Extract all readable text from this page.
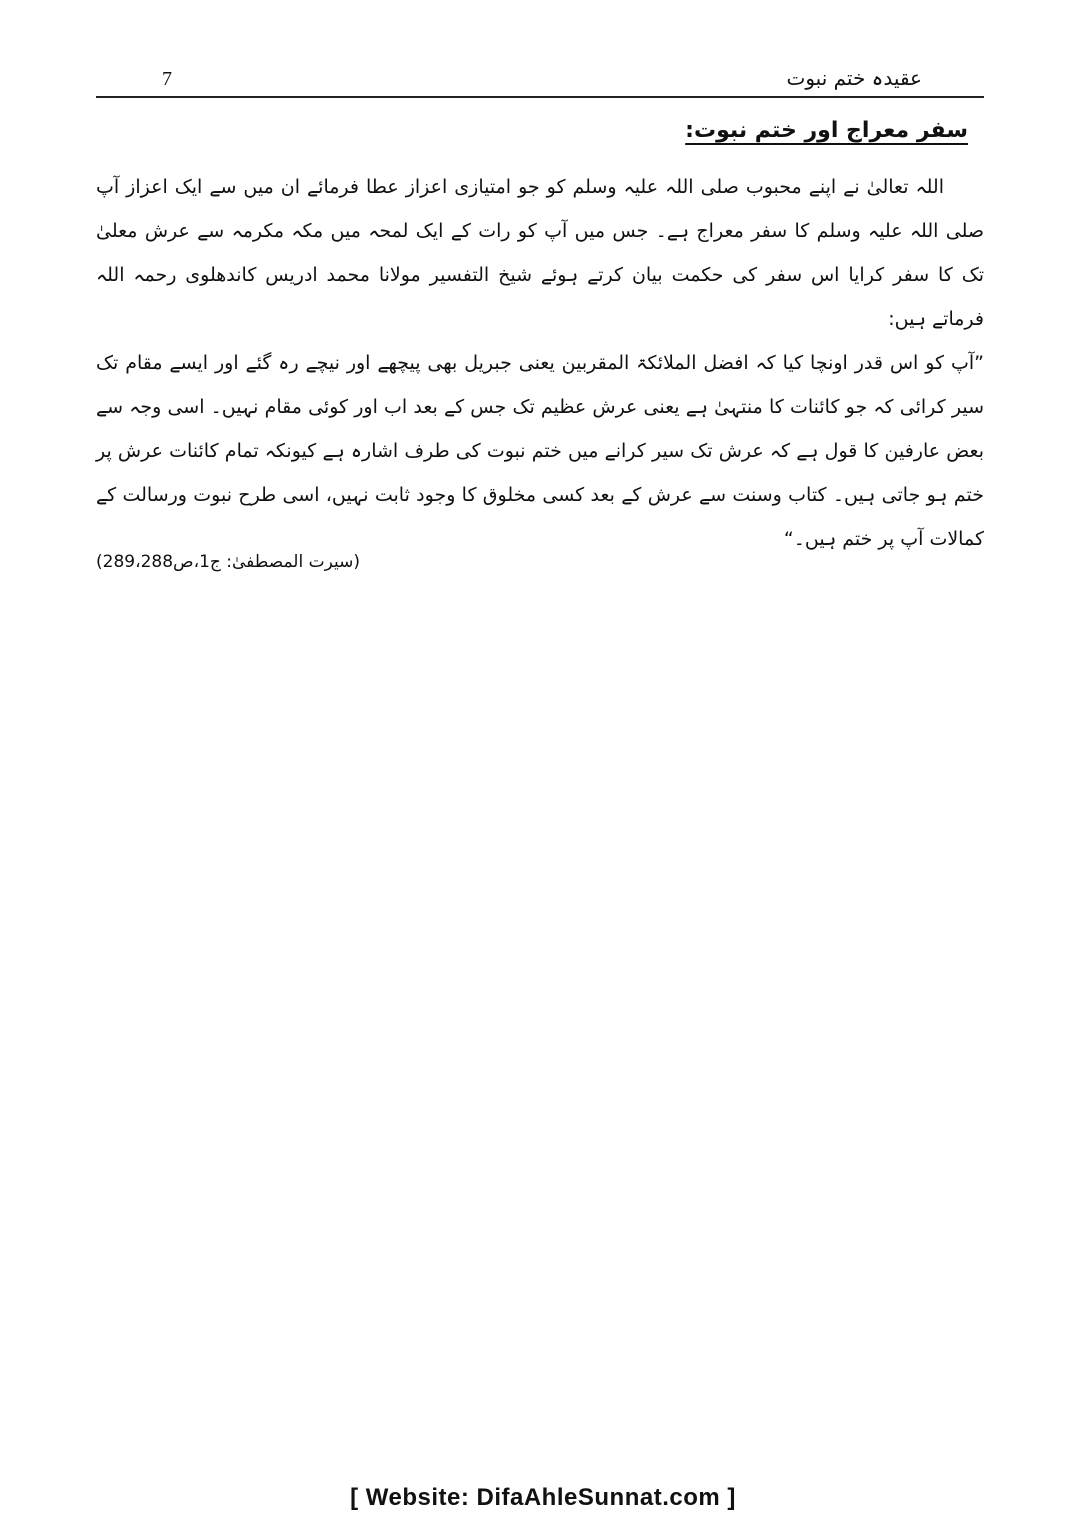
7	عقیدہ ختم نبوت
سفر معراج اور ختم نبوت:

اللہ تعالیٰ نے اپنے محبوب صلی اللہ علیہ وسلم کو جو امتیازی اعزاز عطا فرمائے ان میں سے ایک اعزاز آپ صلی اللہ علیہ وسلم کا سفر معراج ہے۔ جس میں آپ کو رات کے ایک لمحہ میں مکہ مکرمہ سے عرش معلیٰ تک کا سفر کرایا اس سفر کی حکمت بیان کرتے ہوئے شیخ التفسیر مولانا محمد ادریس کاندھلوی رحمہ اللہ فرماتے ہیں:

”آپ کو اس قدر اونچا کیا کہ افضل الملائکۃ المقربین یعنی جبریل بھی پیچھے اور نیچے رہ گئے اور ایسے مقام تک سیر کرائی کہ جو کائنات کا منتہیٰ ہے یعنی عرش عظیم تک جس کے بعد اب اور کوئی مقام نہیں۔ اسی وجہ سے بعض عارفین کا قول ہے کہ عرش تک سیر کرانے میں ختم نبوت کی طرف اشارہ ہے کیونکہ تمام کائنات عرش پر ختم ہو جاتی ہیں۔ کتاب وسنت سے عرش کے بعد کسی مخلوق کا وجود ثابت نہیں، اسی طرح نبوت ورسالت کے کمالات آپ پر ختم ہیں۔“

(سیرت المصطفیٰ: ج1،ص289،288)
[ Website: DifaAhleSunnat.com ]
